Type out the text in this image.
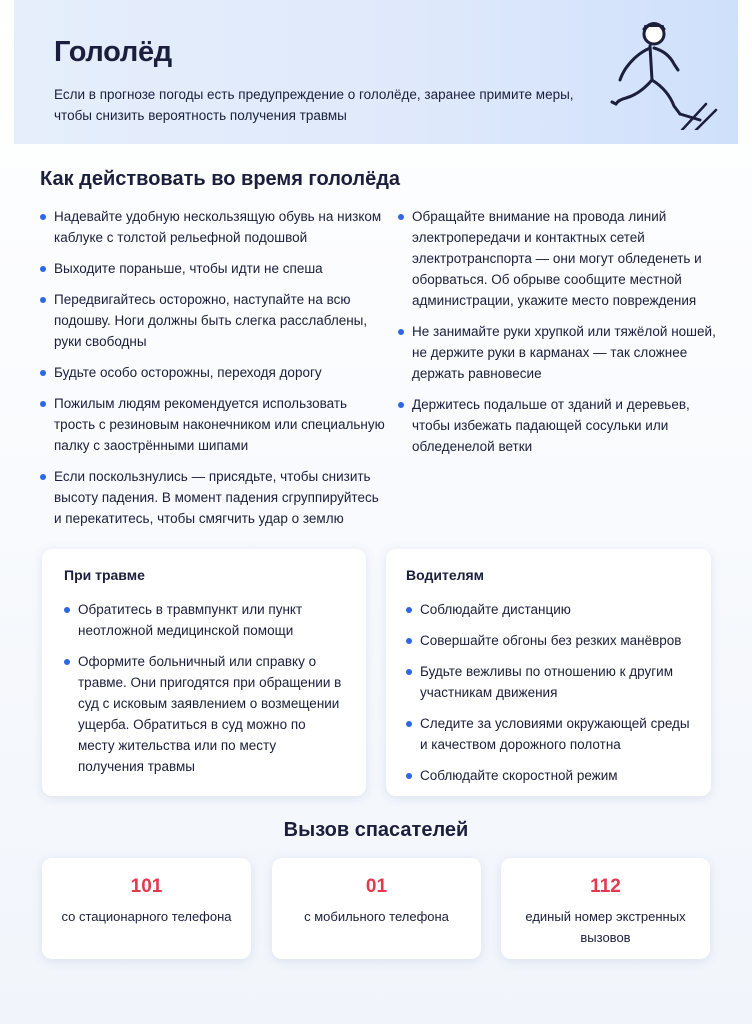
Гололёд
Если в прогнозе погоды есть предупреждение о гололёде, заранее примите меры, чтобы снизить вероятность получения травмы
Как действовать во время гололёда
Надевайте удобную нескользящую обувь на низком каблуке с толстой рельефной подошвой
Выходите пораньше, чтобы идти не спеша
Передвигайтесь осторожно, наступайте на всю подошву. Ноги должны быть слегка расслаблены, руки свободны
Будьте особо осторожны, переходя дорогу
Пожилым людям рекомендуется использовать трость с резиновым наконечником или специальную палку с заострёнными шипами
Если поскользнулись — присядьте, чтобы снизить высоту падения. В момент падения сгруппируйтесь и перекатитесь, чтобы смягчить удар о землю
Обращайте внимание на провода линий электропередачи и контактных сетей электротранспорта — они могут обледенеть и оборваться. Об обрыве сообщите местной администрации, укажите место повреждения
Не занимайте руки хрупкой или тяжёлой ношей, не держите руки в карманах — так сложнее держать равновесие
Держитесь подальше от зданий и деревьев, чтобы избежать падающей сосульки или обледенелой ветки
При травме
Обратитесь в травмпункт или пункт неотложной медицинской помощи
Оформите больничный или справку о травме. Они пригодятся при обращении в суд с исковым заявлением о возмещении ущерба. Обратиться в суд можно по месту жительства или по месту получения травмы
Водителям
Соблюдайте дистанцию
Совершайте обгоны без резких манёвров
Будьте вежливы по отношению к другим участникам движения
Следите за условиями окружающей среды и качеством дорожного полотна
Соблюдайте скоростной режим
Вызов спасателей
101
со стационарного телефона
01
с мобильного телефона
112
единый номер экстренных вызовов
